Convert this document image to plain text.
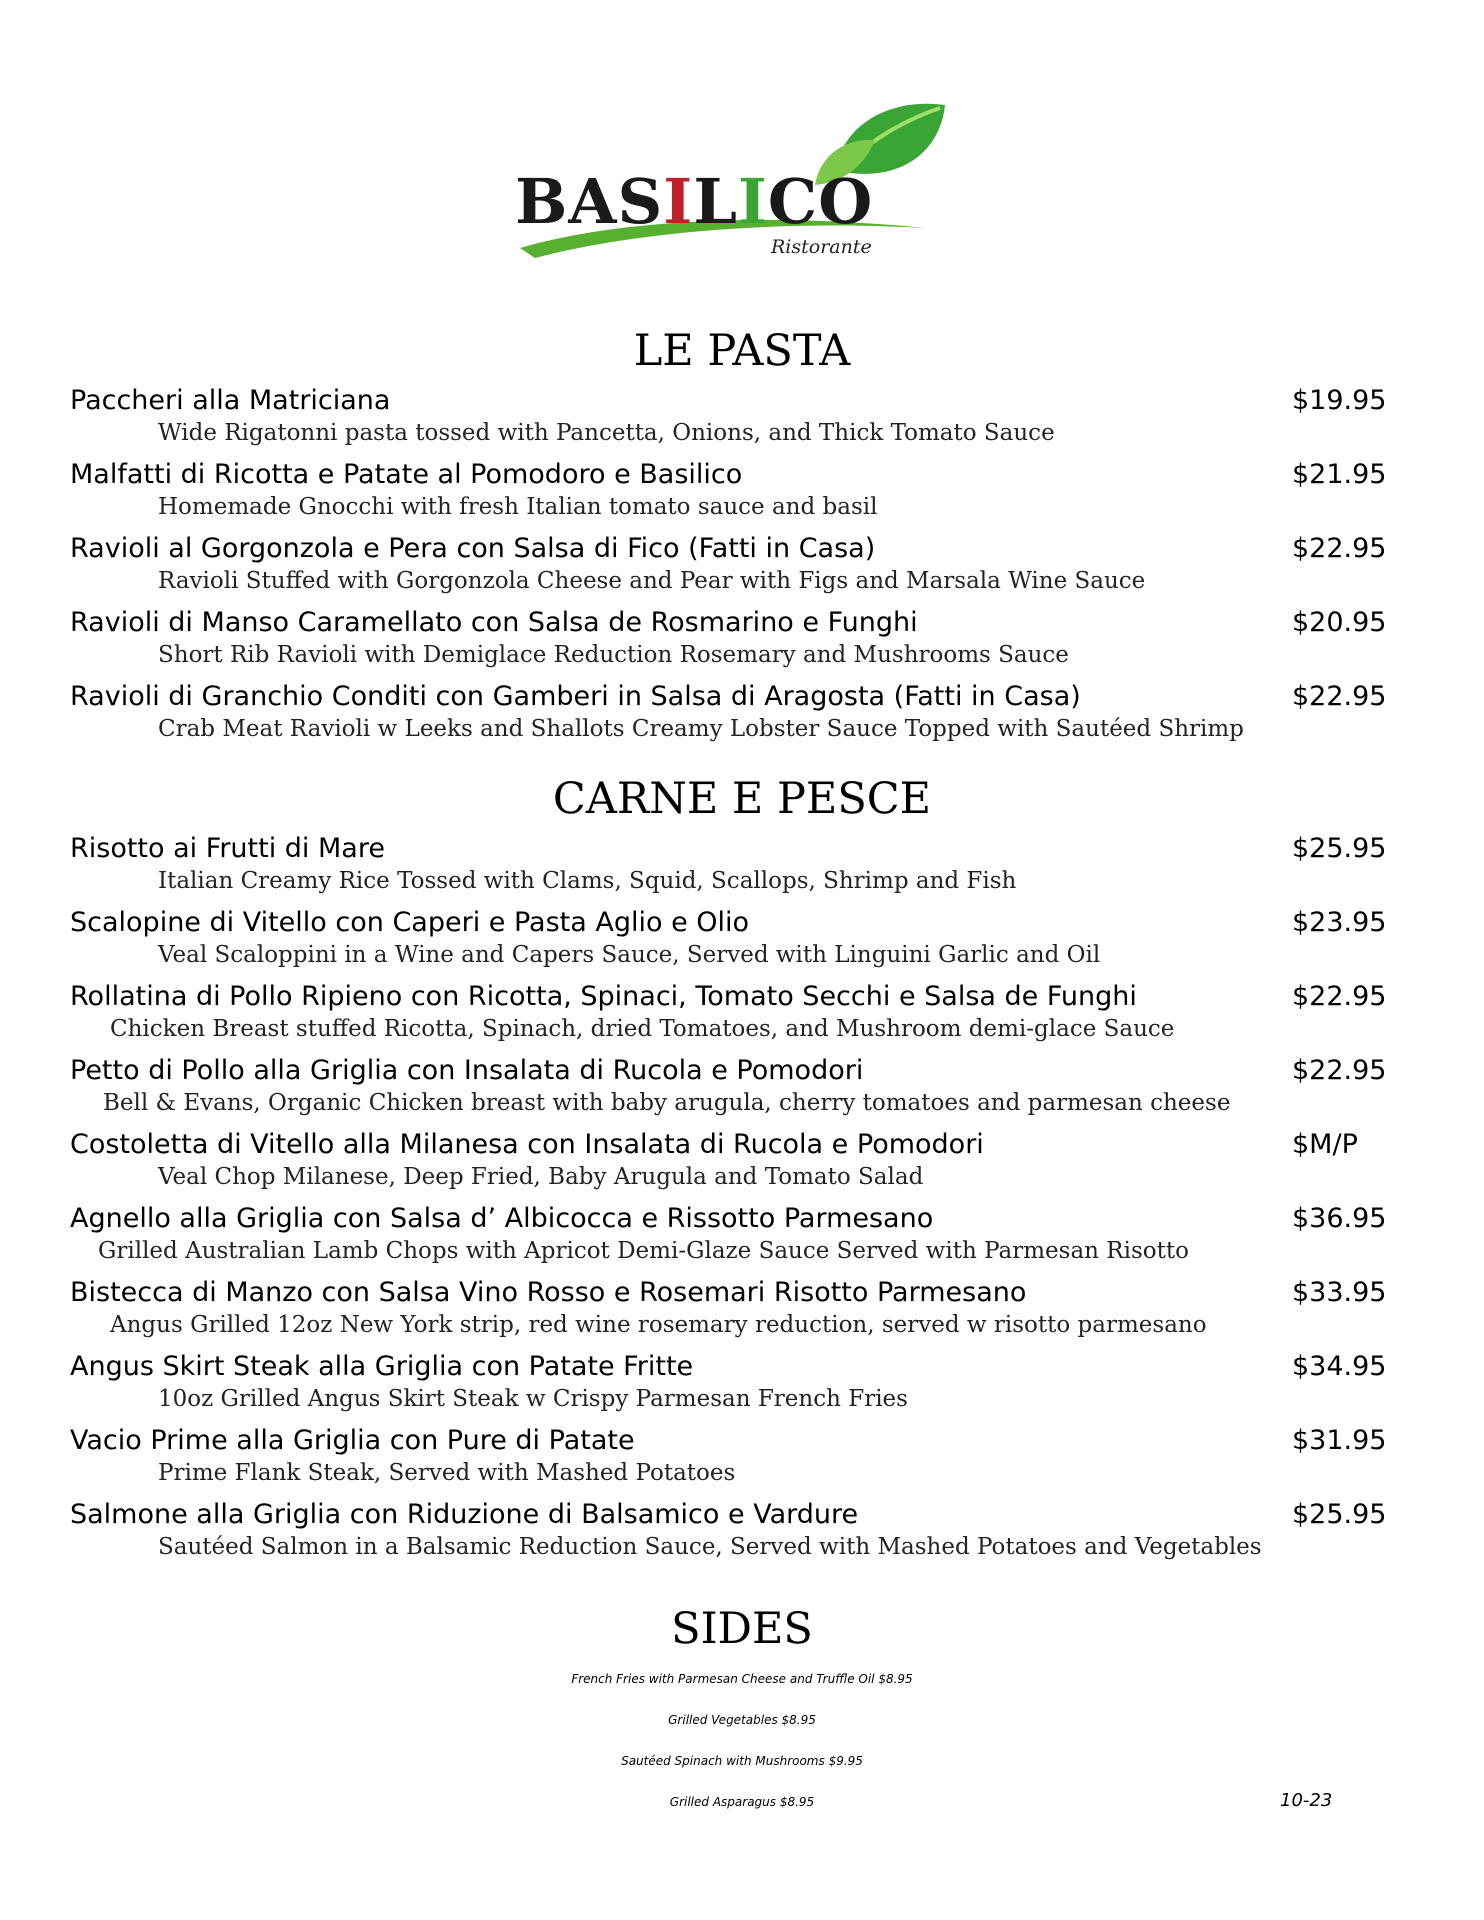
BASILICO
Ristorante
LE PASTA
Paccheri alla Matriciana	$19.95
Wide Rigatonni pasta tossed with Pancetta, Onions, and Thick Tomato Sauce
Malfatti di Ricotta e Patate al Pomodoro e Basilico	$21.95
Homemade Gnocchi with fresh Italian tomato sauce and basil
Ravioli al Gorgonzola e Pera con Salsa di Fico (Fatti in Casa)	$22.95
Ravioli Stuffed with Gorgonzola Cheese and Pear with Figs and Marsala Wine Sauce
Ravioli di Manso Caramellato con Salsa de Rosmarino e Funghi	$20.95
Short Rib Ravioli with Demiglace Reduction Rosemary and Mushrooms Sauce
Ravioli di Granchio Conditi con Gamberi in Salsa di Aragosta (Fatti in Casa)	$22.95
Crab Meat Ravioli w Leeks and Shallots Creamy Lobster Sauce Topped with Sautéed Shrimp
CARNE E PESCE
Risotto ai Frutti di Mare	$25.95
Italian Creamy Rice Tossed with Clams, Squid, Scallops, Shrimp and Fish
Scalopine di Vitello con Caperi e Pasta Aglio e Olio	$23.95
Veal Scaloppini in a Wine and Capers Sauce, Served with Linguini Garlic and Oil
Rollatina di Pollo Ripieno con Ricotta, Spinaci, Tomato Secchi e Salsa de Funghi	$22.95
Chicken Breast stuffed Ricotta, Spinach, dried Tomatoes, and Mushroom demi-glace Sauce
Petto di Pollo alla Griglia con Insalata di Rucola e Pomodori	$22.95
Bell & Evans, Organic Chicken breast with baby arugula, cherry tomatoes and parmesan cheese
Costoletta di Vitello alla Milanesa con Insalata di Rucola e Pomodori	$M/P
Veal Chop Milanese, Deep Fried, Baby Arugula and Tomato Salad
Agnello alla Griglia con Salsa d’ Albicocca e Rissotto Parmesano	$36.95
Grilled Australian Lamb Chops with Apricot Demi-Glaze Sauce Served with Parmesan Risotto
Bistecca di Manzo con Salsa Vino Rosso e Rosemari Risotto Parmesano	$33.95
Angus Grilled 12oz New York strip, red wine rosemary reduction, served w risotto parmesano
Angus Skirt Steak alla Griglia con Patate Fritte	$34.95
10oz Grilled Angus Skirt Steak w Crispy Parmesan French Fries
Vacio Prime alla Griglia con Pure di Patate	$31.95
Prime Flank Steak, Served with Mashed Potatoes
Salmone alla Griglia con Riduzione di Balsamico e Vardure	$25.95
Sautéed Salmon in a Balsamic Reduction Sauce, Served with Mashed Potatoes and Vegetables
SIDES
French Fries with Parmesan Cheese and Truffle Oil $8.95
Grilled Vegetables $8.95
Sautéed Spinach with Mushrooms $9.95
Grilled Asparagus $8.95	10-23
